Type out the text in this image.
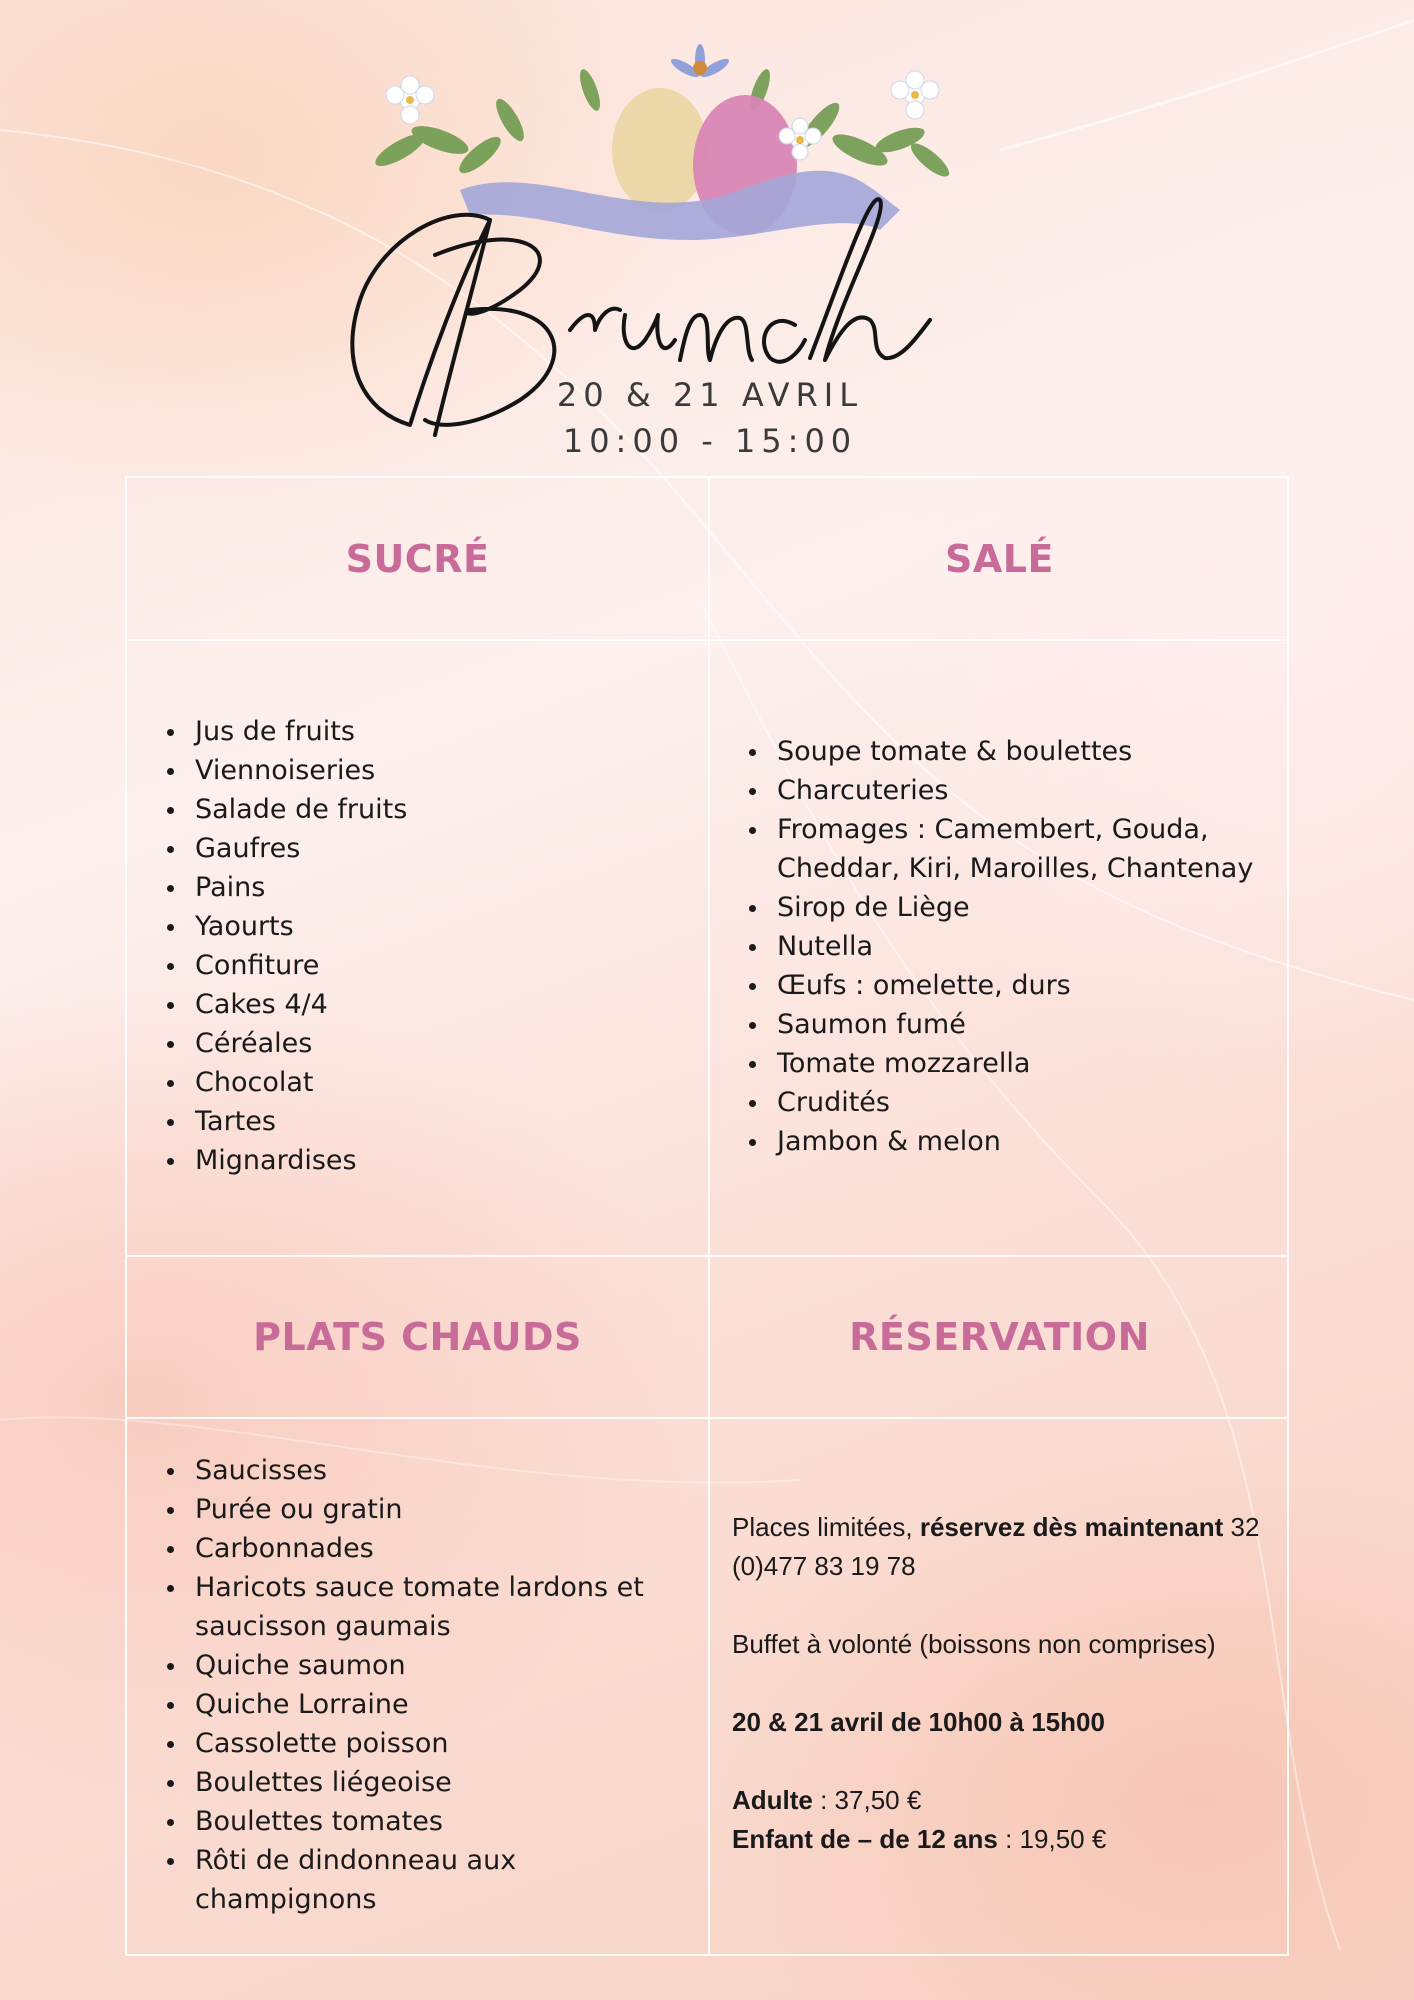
20 & 21 AVRIL
10:00 - 15:00
SUCRÉ	SALÉ
Jus de fruits
Viennoiseries
Salade de fruits
Gaufres
Pains
Yaourts
Confiture
Cakes 4/4
Céréales
Chocolat
Tartes
Mignardises
Soupe tomate & boulettes
Charcuteries
Fromages : Camembert, Gouda, Cheddar, Kiri, Maroilles, Chantenay
Sirop de Liège
Nutella
Œufs : omelette, durs
Saumon fumé
Tomate mozzarella
Crudités
Jambon & melon
PLATS CHAUDS	RÉSERVATION
Saucisses
Purée ou gratin
Carbonnades
Haricots sauce tomate lardons et saucisson gaumais
Quiche saumon
Quiche Lorraine
Cassolette poisson
Boulettes liégeoise
Boulettes tomates
Rôti de dindonneau aux champignons

Places limitées, réservez dès maintenant 32 (0)477 83 19 78

Buffet à volonté (boissons non comprises)

20 & 21 avril de 10h00 à 15h00

Adulte : 37,50 €

Enfant de – de 12 ans : 19,50 €
